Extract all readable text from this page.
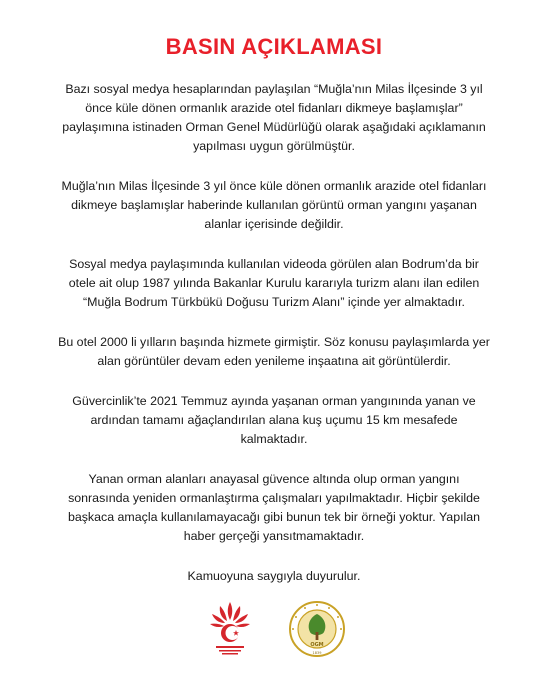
BASIN AÇIKLAMASI

Bazı sosyal medya hesaplarından paylaşılan “Muğla’nın Milas İlçesinde 3 yıl
önce küle dönen ormanlık arazide otel fidanları dikmeye başlamışlar”
paylaşımına istinaden Orman Genel Müdürlüğü olarak aşağıdaki açıklamanın
yapılması uygun görülmüştür.

Muğla’nın Milas İlçesinde 3 yıl önce küle dönen ormanlık arazide otel fidanları
dikmeye başlamışlar haberinde kullanılan görüntü orman yangını yaşanan
alanlar içerisinde değildir.

Sosyal medya paylaşımında kullanılan videoda görülen alan Bodrum’da bir
otele ait olup 1987 yılında Bakanlar Kurulu kararıyla turizm alanı ilan edilen
“Muğla Bodrum Türkbükü Doğusu Turizm Alanı” içinde yer almaktadır.

Bu otel 2000 li yılların başında hizmete girmiştir. Söz konusu paylaşımlarda yer
alan görüntüler devam eden yenileme inşaatına ait görüntülerdir.

Güvercinlik’te 2021 Temmuz ayında yaşanan orman yangınında yanan ve
ardından tamamı ağaçlandırılan alana kuş uçumu 15 km mesafede
kalmaktadır.

Yanan orman alanları anayasal güvence altında olup orman yangını
sonrasında yeniden ormanlaştırma çalışmaları yapılmaktadır. Hiçbir şekilde
başkaca amaçla kullanılamayacağı gibi bunun tek bir örneği yoktur. Yapılan
haber gerçeği yansıtmamaktadır.

Kamuoyuna saygıyla duyurulur.

OGM
1839
